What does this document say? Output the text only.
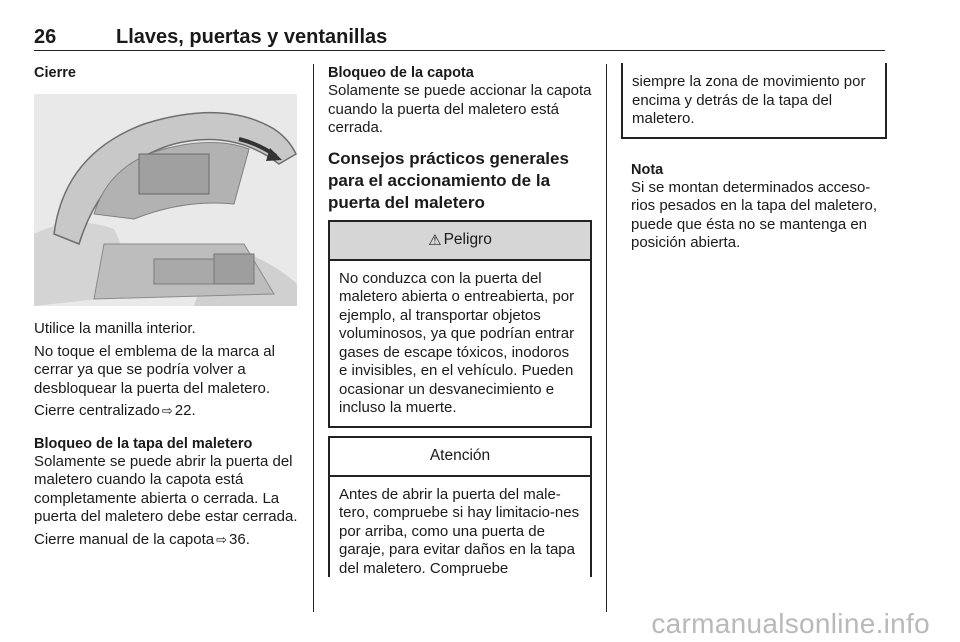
26	Llaves, puertas y ventanillas
Cierre

Utilice la manilla interior.

No toque el emblema de la marca al cerrar ya que se podría volver a desbloquear la puerta del maletero.

Cierre centralizado ⇨ 22.

Bloqueo de la tapa del maletero

Solamente se puede abrir la puerta del maletero cuando la capota está completamente abierta o cerrada. La puerta del maletero debe estar cerrada.

Cierre manual de la capota ⇨ 36.

Bloqueo de la capota

Solamente se puede accionar la capota cuando la puerta del maletero está cerrada.

Consejos prácticos generales para el accionamiento de la puerta del maletero
⚠ Peligro

No conduzca con la puerta del maletero abierta o entreabierta, por ejemplo, al transportar objetos voluminosos, ya que podrían entrar gases de escape tóxicos, inodoros e invisibles, en el vehículo. Pueden ocasionar un desvanecimiento e incluso la muerte.

Atención

Antes de abrir la puerta del male-tero, compruebe si hay limitacio-nes por arriba, como una puerta de garaje, para evitar daños en la tapa del maletero. Compruebe

siempre la zona de movimiento por encima y detrás de la tapa del maletero.

Nota

Si se montan determinados acceso-rios pesados en la tapa del maletero, puede que ésta no se mantenga en posición abierta.

carmanualsonline.info
